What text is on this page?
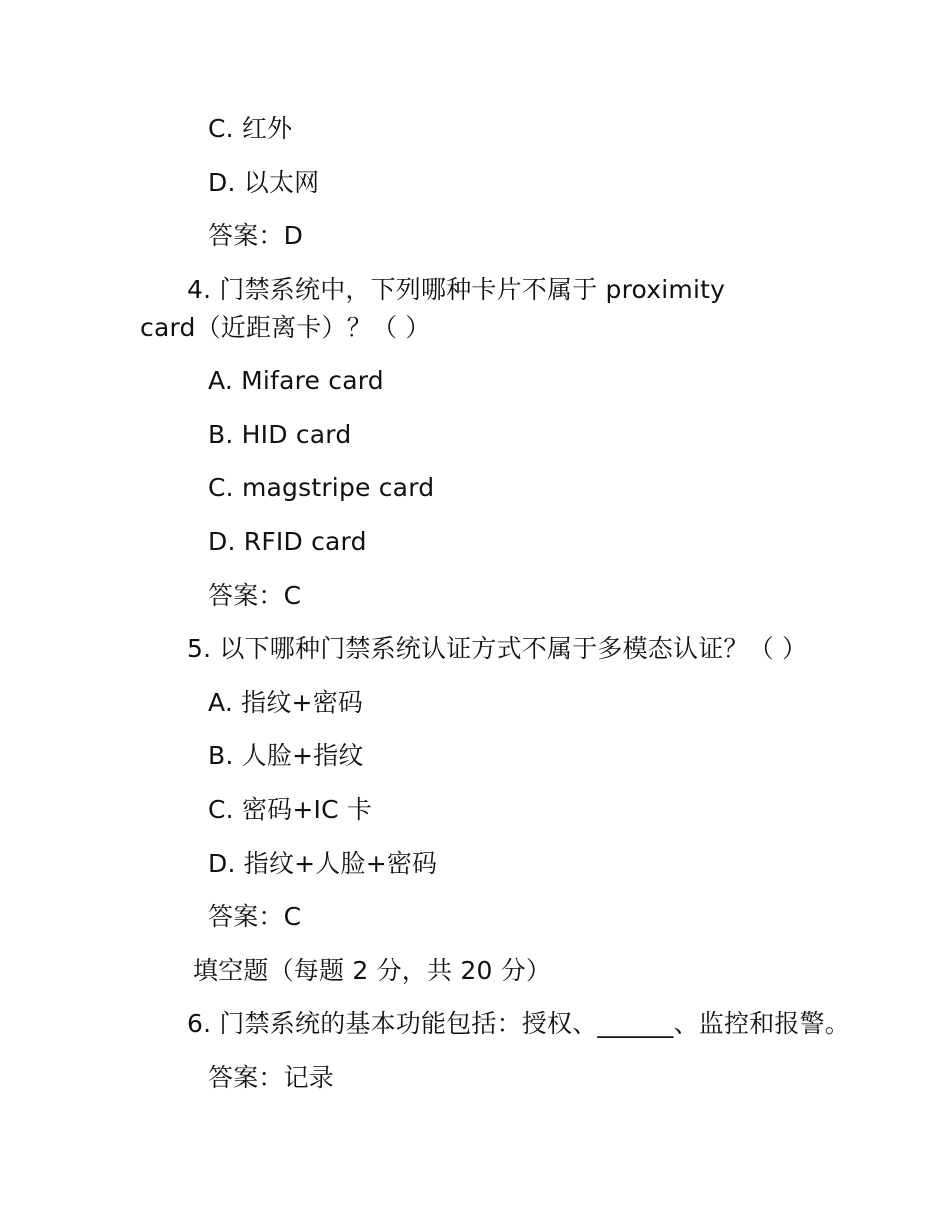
C. 红外
D. 以太网
答案：D
4. 门禁系统中，下列哪种卡片不属于 proximity
card（近距离卡）？（ ）
A. Mifare card
B. HID card
C. magstripe card
D. RFID card
答案：C
5. 以下哪种门禁系统认证方式不属于多模态认证？（ ）
A. 指纹+密码
B. 人脸+指纹
C. 密码+IC 卡
D. 指纹+人脸+密码
答案：C
填空题（每题 2 分，共 20 分）
6. 门禁系统的基本功能包括：授权、______、监控和报警。
答案：记录
